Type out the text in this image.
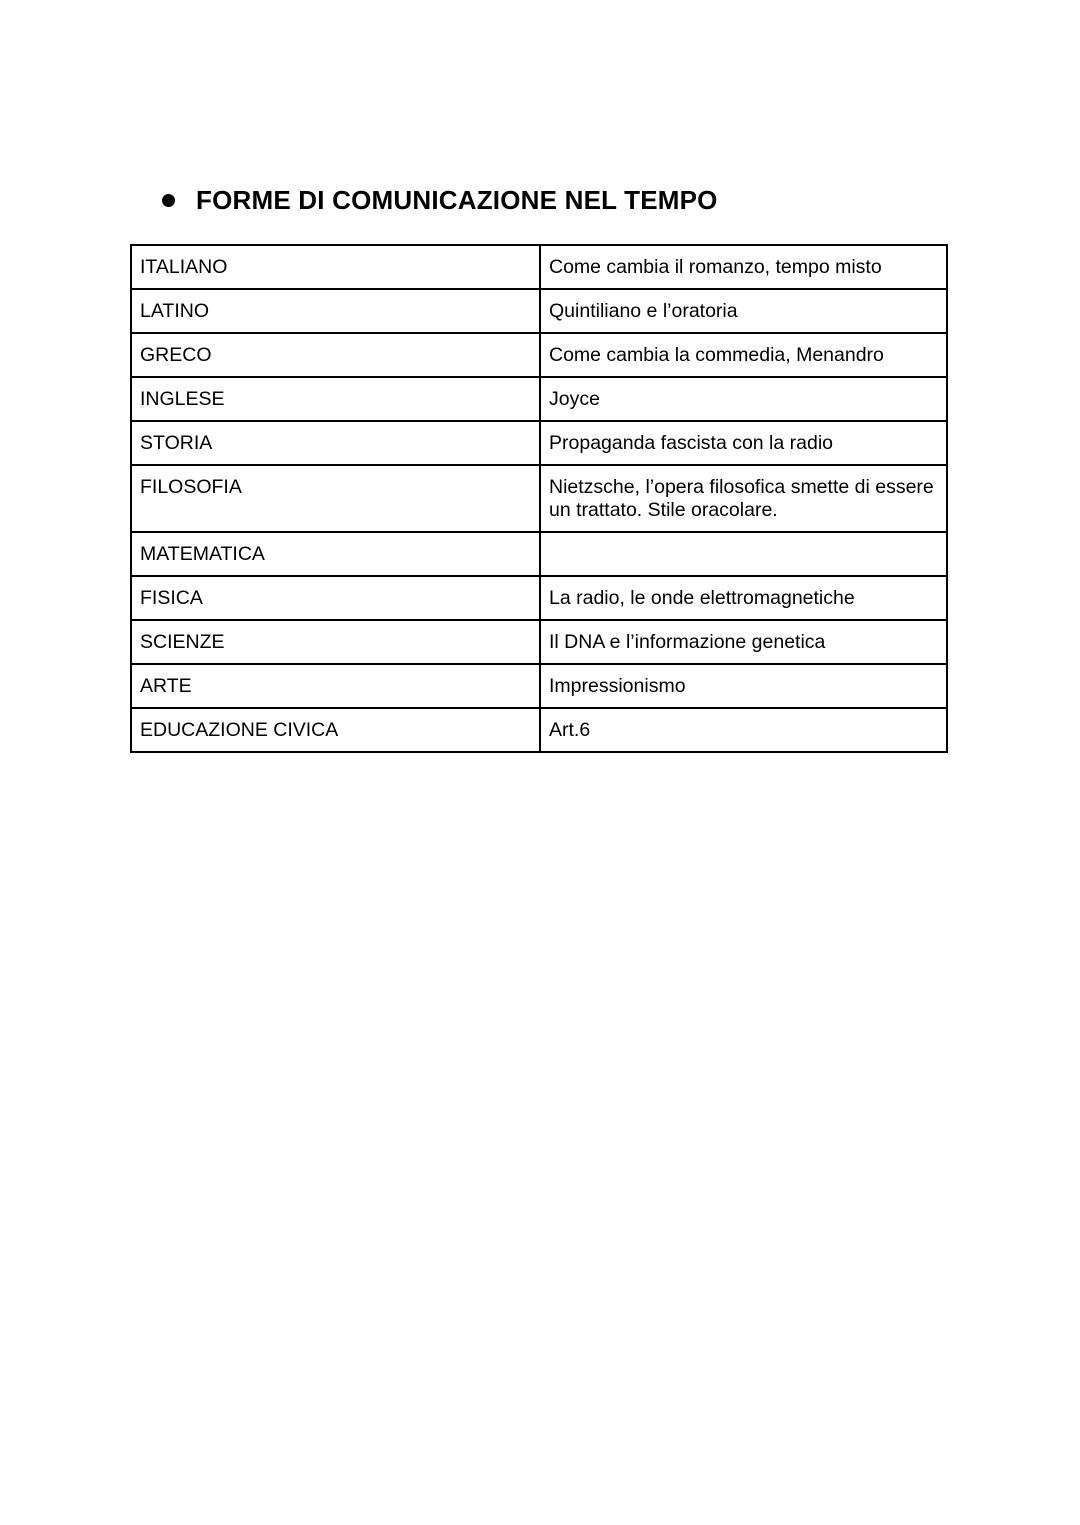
FORME DI COMUNICAZIONE NEL TEMPO
ITALIANO	Come cambia il romanzo, tempo misto
LATINO	Quintiliano e l’oratoria
GRECO	Come cambia la commedia, Menandro
INGLESE	Joyce
STORIA	Propaganda fascista con la radio
FILOSOFIA	Nietzsche, l’opera filosofica smette di essere un trattato. Stile oracolare.
MATEMATICA	
FISICA	La radio, le onde elettromagnetiche
SCIENZE	Il DNA e l’informazione genetica
ARTE	Impressionismo
EDUCAZIONE CIVICA	Art.6
